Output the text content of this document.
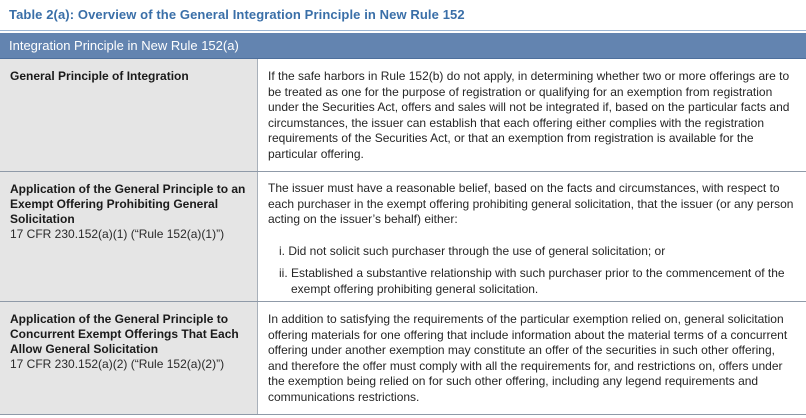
Table 2(a): Overview of the General Integration Principle in New Rule 152
Integration Principle in New Rule 152(a)
General Principle of Integration	If the safe harbors in Rule 152(b) do not apply, in determining whether two or more offerings are to be treated as one for the purpose of registration or qualifying for an exemption from registration under the Securities Act, offers and sales will not be integrated if, based on the particular facts and circumstances, the issuer can establish that each offering either complies with the registration requirements of the Securities Act, or that an exemption from registration is available for the particular offering.
Application of the General Principle to an Exempt Offering Prohibiting General Solicitation
17 CFR 230.152(a)(1) (“Rule 152(a)(1)”)
The issuer must have a reasonable belief, based on the facts and circumstances, with respect to each purchaser in the exempt offering prohibiting general solicitation, that the issuer (or any person acting on the issuer’s behalf) either:
i. Did not solicit such purchaser through the use of general solicitation; or
ii. Established a substantive relationship with such purchaser prior to the commencement of the exempt offering prohibiting general solicitation.
Application of the General Principle to Concurrent Exempt Offerings That Each Allow General Solicitation
17 CFR 230.152(a)(2) (“Rule 152(a)(2)”)
In addition to satisfying the requirements of the particular exemption relied on, general solicitation offering materials for one offering that include information about the material terms of a concurrent offering under another exemption may constitute an offer of the securities in such other offering, and therefore the offer must comply with all the requirements for, and restrictions on, offers under the exemption being relied on for such other offering, including any legend requirements and communications restrictions.
